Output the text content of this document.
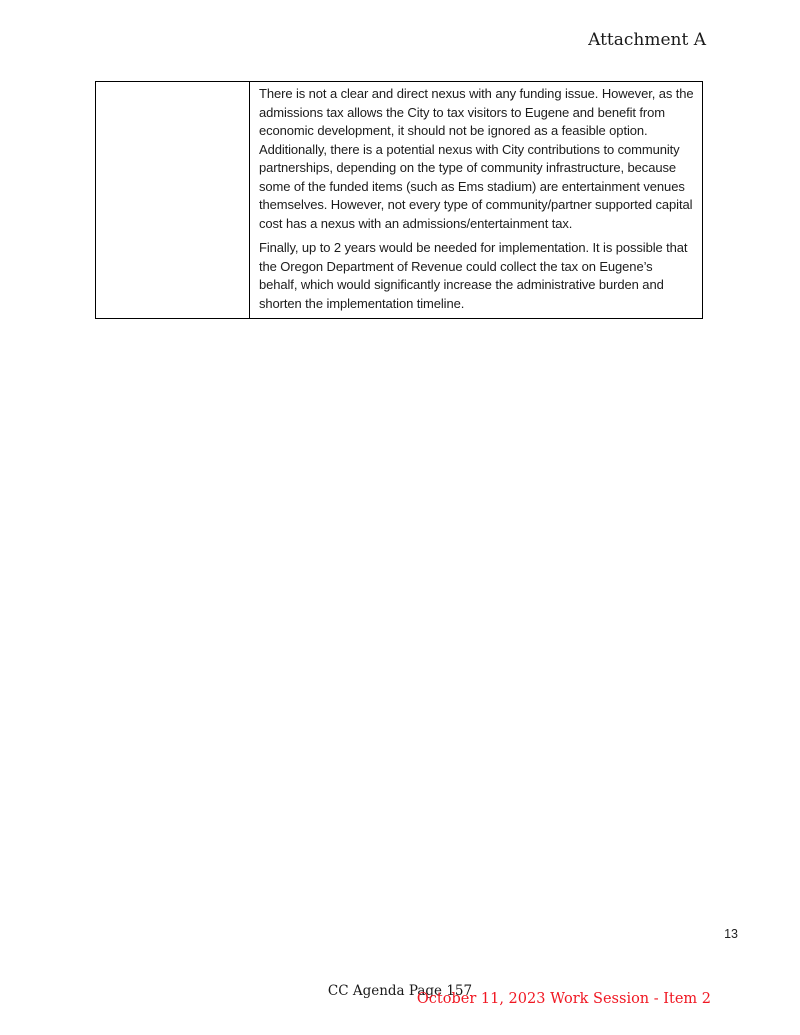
Attachment A

There is not a clear and direct nexus with any funding issue. However, as the admissions tax allows the City to tax visitors to Eugene and benefit from economic development, it should not be ignored as a feasible option. Additionally, there is a potential nexus with City contributions to community partnerships, depending on the type of community infrastructure, because some of the funded items (such as Ems stadium) are entertainment venues themselves. However, not every type of community/partner supported capital cost has a nexus with an admissions/entertainment tax.

Finally, up to 2 years would be needed for implementation. It is possible that the Oregon Department of Revenue could collect the tax on Eugene’s behalf, which would significantly increase the administrative burden and shorten the implementation timeline.

13
CC Agenda Page 157
October 11, 2023 Work Session - Item 2
